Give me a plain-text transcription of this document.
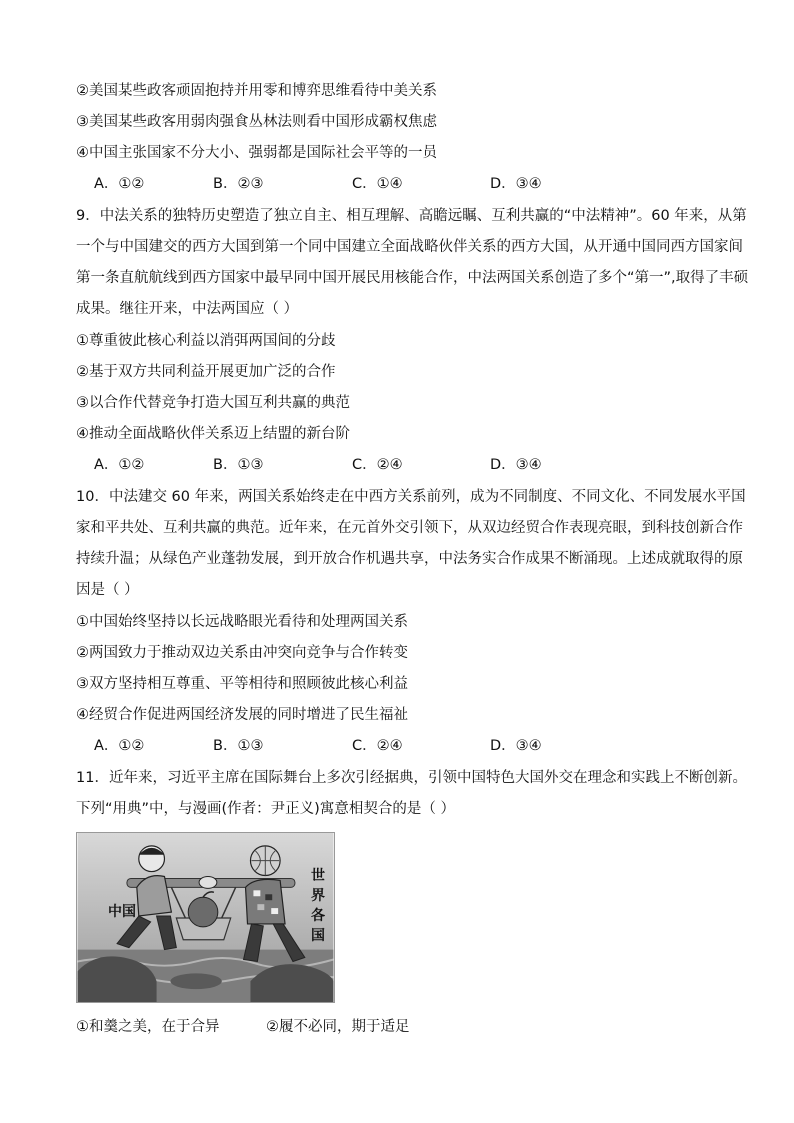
②美国某些政客顽固抱持并用零和博弈思维看待中美关系
③美国某些政客用弱肉强食丛林法则看中国形成霸权焦虑
④中国主张国家不分大小、强弱都是国际社会平等的一员
A．①②	B．②③	C．①④	D．③④
9．中法关系的独特历史塑造了独立自主、相互理解、高瞻远瞩、互利共赢的“中法精神”。60 年来，从第
一个与中国建交的西方大国到第一个同中国建立全面战略伙伴关系的西方大国，从开通中国同西方国家间
第一条直航航线到西方国家中最早同中国开展民用核能合作，中法两国关系创造了多个“第一”,取得了丰硕
成果。继往开来，中法两国应（ ）
①尊重彼此核心利益以消弭两国间的分歧
②基于双方共同利益开展更加广泛的合作
③以合作代替竞争打造大国互利共赢的典范
④推动全面战略伙伴关系迈上结盟的新台阶
A．①②	B．①③	C．②④	D．③④
10．中法建交 60 年来，两国关系始终走在中西方关系前列，成为不同制度、不同文化、不同发展水平国
家和平共处、互利共赢的典范。近年来，在元首外交引领下，从双边经贸合作表现亮眼，到科技创新合作
持续升温；从绿色产业蓬勃发展，到开放合作机遇共享，中法务实合作成果不断涌现。上述成就取得的原
因是（ ）
①中国始终坚持以长远战略眼光看待和处理两国关系
②两国致力于推动双边关系由冲突向竞争与合作转变
③双方坚持相互尊重、平等相待和照顾彼此核心利益
④经贸合作促进两国经济发展的同时增进了民生福祉
A．①②	B．①③	C．②④	D．③④
11．近年来，习近平主席在国际舞台上多次引经据典，引领中国特色大国外交在理念和实践上不断创新。
下列“用典”中，与漫画(作者：尹正义)寓意相契合的是（ ）
中国
世界各国
①和羹之美，在于合异	②履不必同，期于适足
